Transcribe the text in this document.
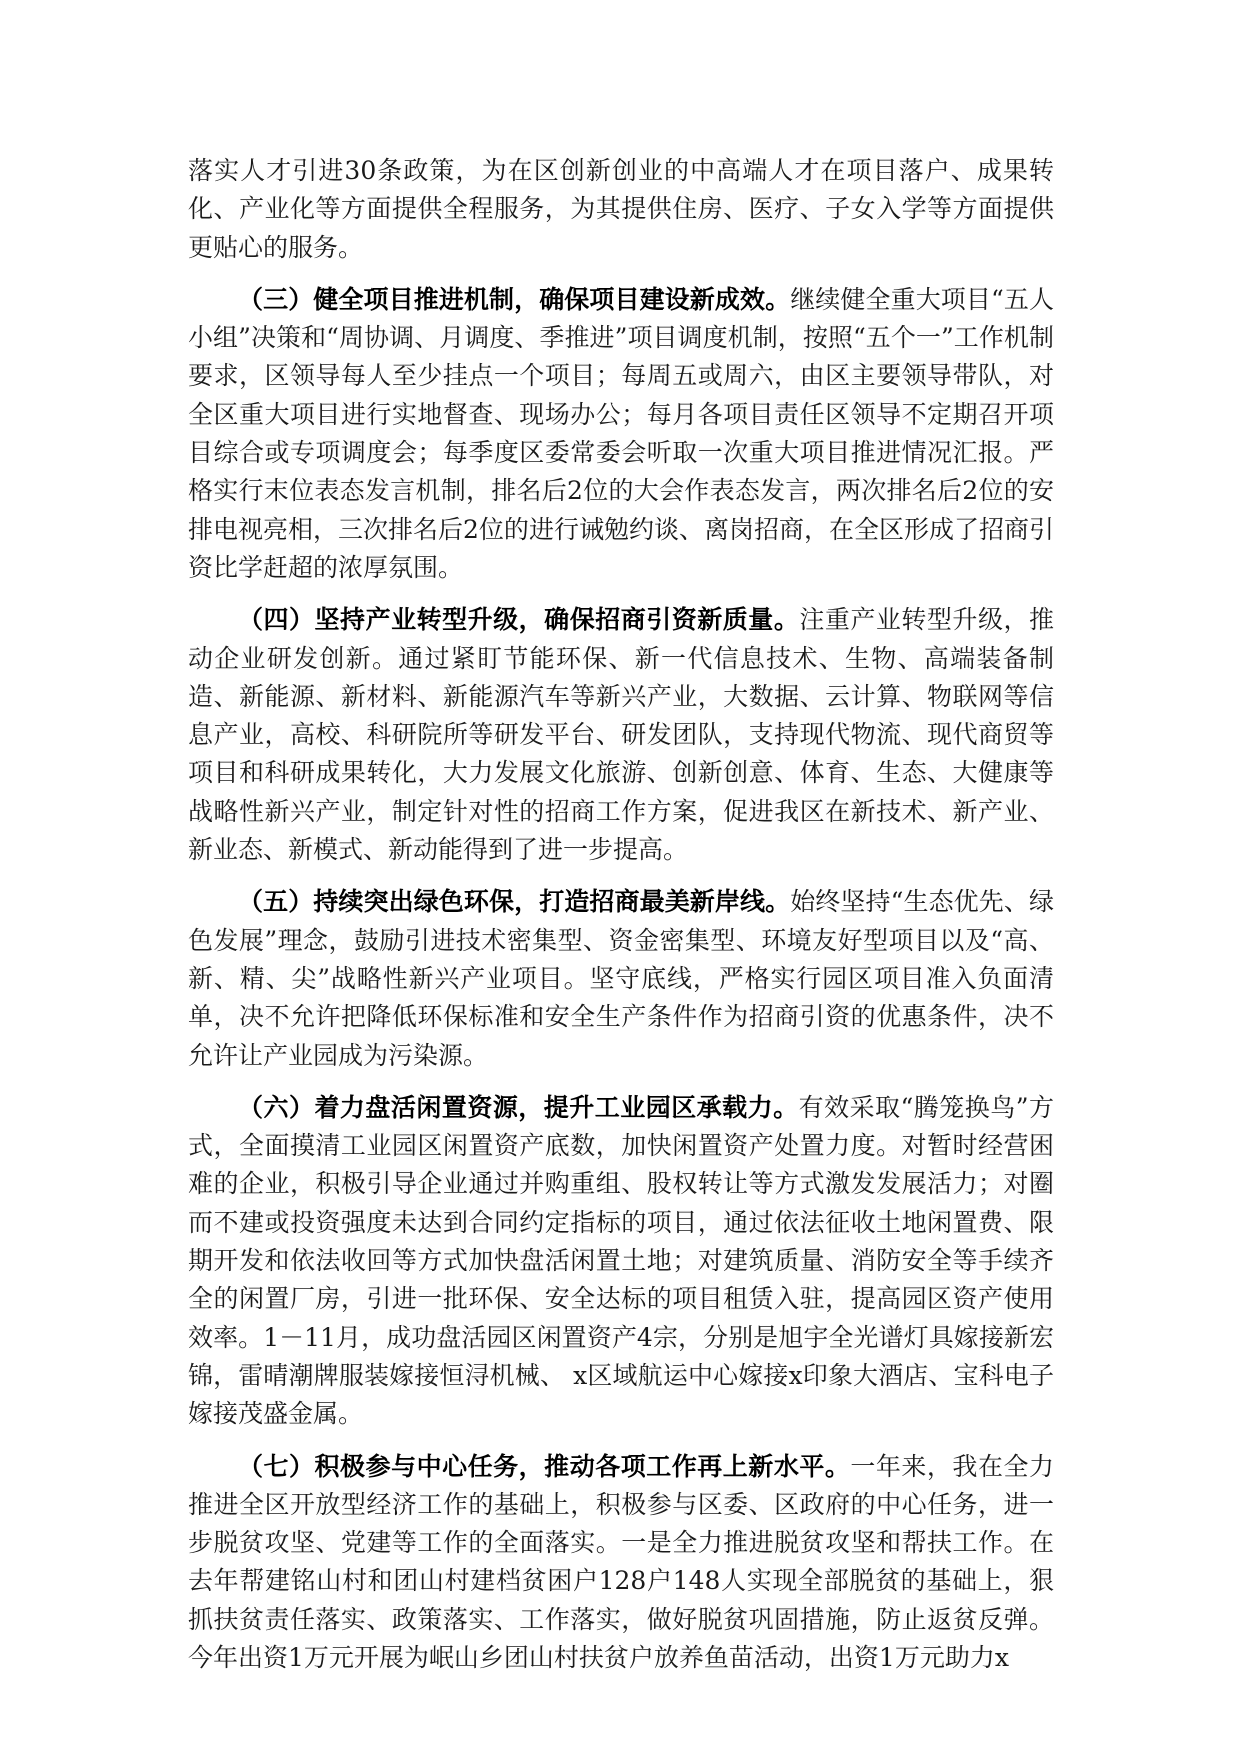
落实人才引进30条政策，为在区创新创业的中高端人才在项目落户、成果转化、产业化等方面提供全程服务，为其提供住房、医疗、子女入学等方面提供更贴心的服务。

（三）健全项目推进机制，确保项目建设新成效。继续健全重大项目“五人小组”决策和“周协调、月调度、季推进”项目调度机制，按照“五个一”工作机制要求，区领导每人至少挂点一个项目；每周五或周六，由区主要领导带队，对全区重大项目进行实地督查、现场办公；每月各项目责任区领导不定期召开项目综合或专项调度会；每季度区委常委会听取一次重大项目推进情况汇报。严格实行末位表态发言机制，排名后2位的大会作表态发言，两次排名后2位的安排电视亮相，三次排名后2位的进行诫勉约谈、离岗招商，在全区形成了招商引资比学赶超的浓厚氛围。

（四）坚持产业转型升级，确保招商引资新质量。注重产业转型升级，推动企业研发创新。通过紧盯节能环保、新一代信息技术、生物、高端装备制造、新能源、新材料、新能源汽车等新兴产业，大数据、云计算、物联网等信息产业，高校、科研院所等研发平台、研发团队，支持现代物流、现代商贸等项目和科研成果转化，大力发展文化旅游、创新创意、体育、生态、大健康等战略性新兴产业，制定针对性的招商工作方案，促进我区在新技术、新产业、新业态、新模式、新动能得到了进一步提高。

（五）持续突出绿色环保，打造招商最美新岸线。始终坚持“生态优先、绿色发展”理念，鼓励引进技术密集型、资金密集型、环境友好型项目以及“高、新、精、尖”战略性新兴产业项目。坚守底线，严格实行园区项目准入负面清单，决不允许把降低环保标准和安全生产条件作为招商引资的优惠条件，决不允许让产业园成为污染源。

（六）着力盘活闲置资源，提升工业园区承载力。有效采取“腾笼换鸟”方式，全面摸清工业园区闲置资产底数，加快闲置资产处置力度。对暂时经营困难的企业，积极引导企业通过并购重组、股权转让等方式激发发展活力；对圈而不建或投资强度未达到合同约定指标的项目，通过依法征收土地闲置费、限期开发和依法收回等方式加快盘活闲置土地；对建筑质量、消防安全等手续齐全的闲置厂房，引进一批环保、安全达标的项目租赁入驻，提高园区资产使用效率。1－11月，成功盘活园区闲置资产4宗，分别是旭宇全光谱灯具嫁接新宏锦，雷晴潮牌服装嫁接恒浔机械、 x区域航运中心嫁接x印象大酒店、宝科电子嫁接茂盛金属。

（七）积极参与中心任务，推动各项工作再上新水平。一年来，我在全力推进全区开放型经济工作的基础上，积极参与区委、区政府的中心任务，进一步脱贫攻坚、党建等工作的全面落实。一是全力推进脱贫攻坚和帮扶工作。在去年帮建铭山村和团山村建档贫困户128户148人实现全部脱贫的基础上，狠抓扶贫责任落实、政策落实、工作落实，做好脱贫巩固措施，防止返贫反弹。今年出资1万元开展为岷山乡团山村扶贫户放养鱼苗活动，出资1万元助力x
